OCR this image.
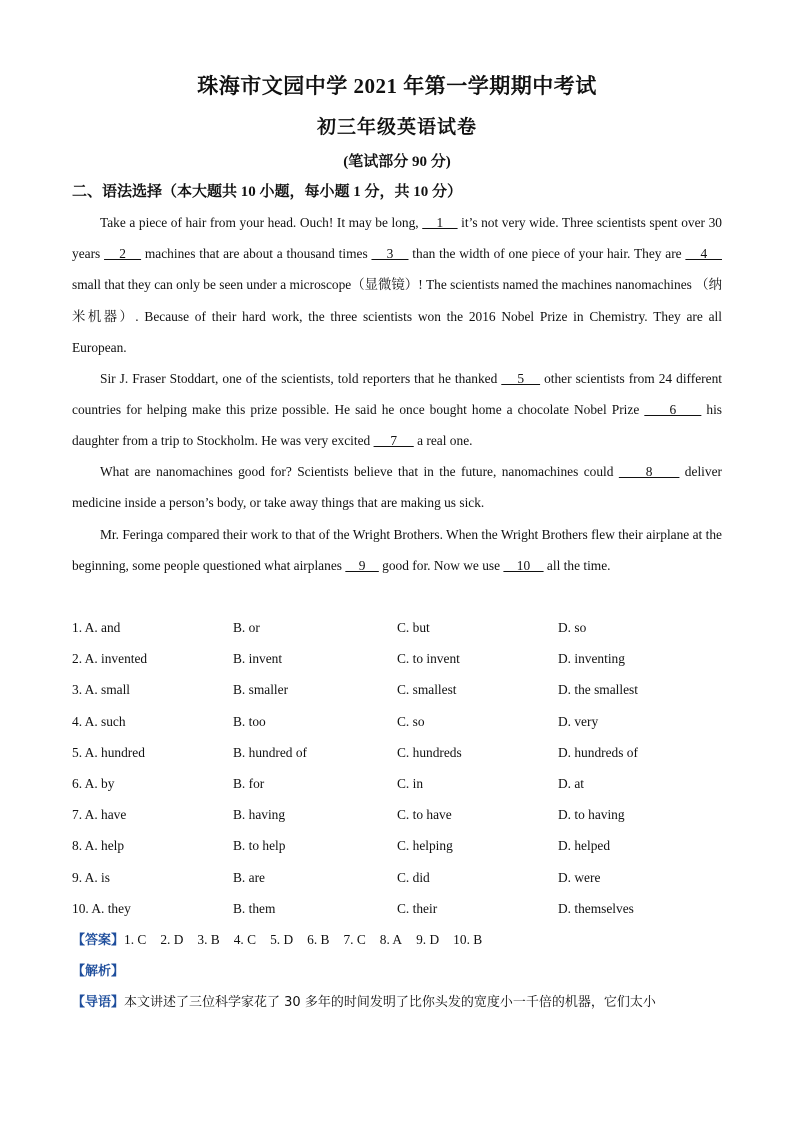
珠海市文园中学 2021 年第一学期期中考试
初三年级英语试卷
(笔试部分 90 分)
二、语法选择（本大题共 10 小题，每小题 1 分，共 10 分）
Take a piece of hair from your head. Ouch! It may be long,     1     it’s not very wide. Three scientists spent over 30 years     2     machines that are about a thousand times     3     than the width of one piece of your hair. They are     4     small that they can only be seen under a microscope（显微镜）! The scientists named the machines nanomachines （纳米机器）. Because of their hard work, the three scientists won the 2016 Nobel Prize in Chemistry. They are all European.
Sir J. Fraser Stoddart, one of the scientists, told reporters that he thanked     5     other scientists from 24 different countries for helping make this prize possible. He said he once bought home a chocolate Nobel Prize      6      his daughter from a trip to Stockholm. He was very excited      7      a real one.
What are nanomachines good for? Scientists believe that in the future, nanomachines could      8      deliver medicine inside a person’s body, or take away things that are making us sick.
Mr. Feringa compared their work to that of the Wright Brothers. When the Wright Brothers flew their airplane at the beginning, some people questioned what airplanes     9     good for. Now we use     10     all the time.
1. A. and	B. or	C. but	D. so
2. A. invented	B. invent	C. to invent	D. inventing
3. A. small	B. smaller	C. smallest	D. the smallest
4. A. such	B. too	C. so	D. very
5. A. hundred	B. hundred of	C. hundreds	D. hundreds of
6. A. by	B. for	C. in	D. at
7. A. have	B. having	C. to have	D. to having
8. A. help	B. to help	C. helping	D. helped
9. A. is	B. are	C. did	D. were
10. A. they	B. them	C. their	D. themselves
【答案】1. C 2. D 3. B 4. C 5. D 6. B 7. C 8. A 9. D 10. B
【解析】
【导语】本文讲述了三位科学家花了 30 多年的时间发明了比你头发的宽度小一千倍的机器，它们太小
